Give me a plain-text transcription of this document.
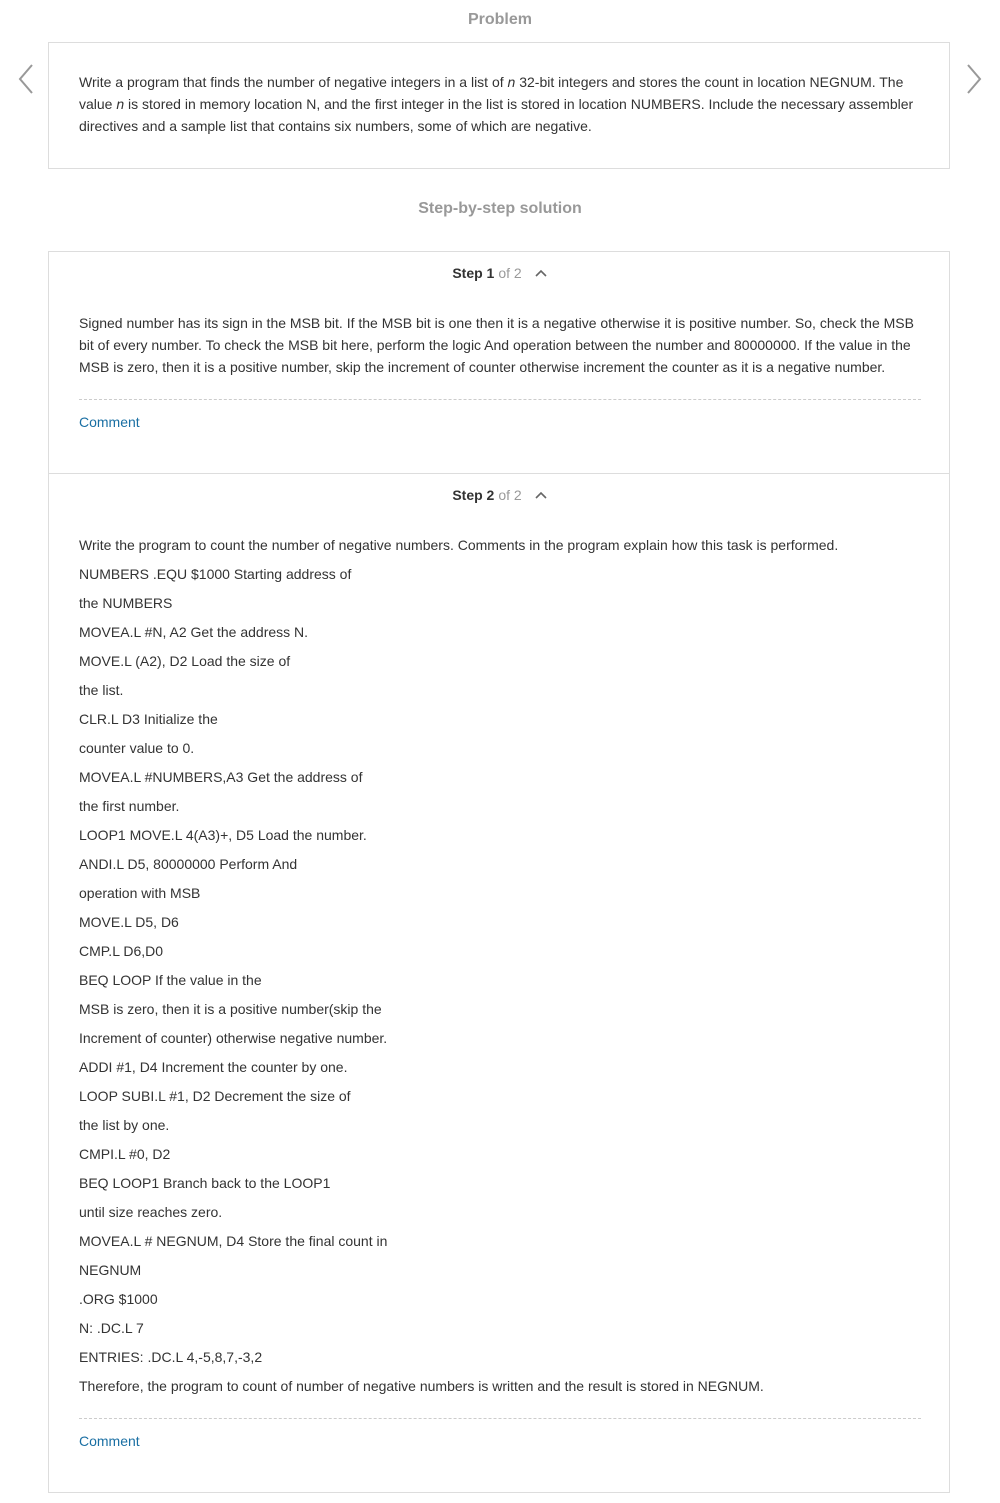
Problem
Write a program that finds the number of negative integers in a list of n 32-bit integers and stores the count in location NEGNUM. The value n is stored in memory location N, and the first integer in the list is stored in location NUMBERS. Include the necessary assembler directives and a sample list that contains six numbers, some of which are negative.
Step-by-step solution
Step 1 of 2
Signed number has its sign in the MSB bit. If the MSB bit is one then it is a negative otherwise it is positive number. So, check the MSB bit of every number. To check the MSB bit here, perform the logic And operation between the number and 80000000. If the value in the MSB is zero, then it is a positive number, skip the increment of counter otherwise increment the counter as it is a negative number.
Comment
Step 2 of 2
Write the program to count the number of negative numbers. Comments in the program explain how this task is performed.
NUMBERS .EQU $1000 Starting address of
the NUMBERS
MOVEA.L #N, A2 Get the address N.
MOVE.L (A2), D2 Load the size of
the list.
CLR.L D3 Initialize the
counter value to 0.
MOVEA.L #NUMBERS,A3 Get the address of
the first number.
LOOP1 MOVE.L 4(A3)+, D5 Load the number.
ANDI.L D5, 80000000 Perform And
operation with MSB
MOVE.L D5, D6
CMP.L D6,D0
BEQ LOOP If the value in the
MSB is zero, then it is a positive number(skip the
Increment of counter) otherwise negative number.
ADDI #1, D4 Increment the counter by one.
LOOP SUBI.L #1, D2 Decrement the size of
the list by one.
CMPI.L #0, D2
BEQ LOOP1 Branch back to the LOOP1
until size reaches zero.
MOVEA.L # NEGNUM, D4 Store the final count in
NEGNUM
.ORG $1000
N: .DC.L 7
ENTRIES: .DC.L 4,-5,8,7,-3,2
Therefore, the program to count of number of negative numbers is written and the result is stored in NEGNUM.
Comment
